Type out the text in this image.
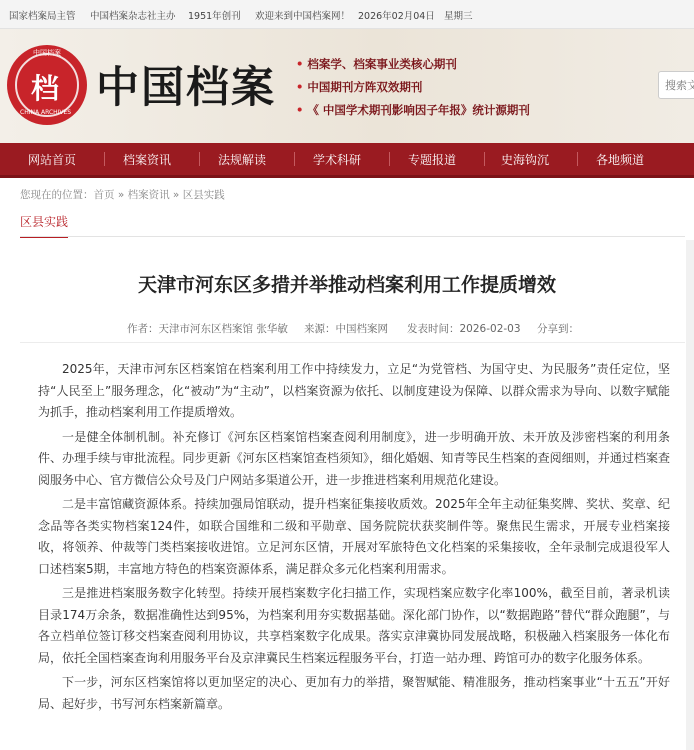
国家档案局主管 中国档案杂志社主办 1951年创刊 欢迎来到中国档案网！ 2026年02月04日 星期三
中国档案
档
CHINA ARCHIVES 中国档案 • 档案学、档案事业类核心期刊
• 中国期刊方阵双效期刊
• 《 中国学术期刊影响因子年报》统计源期刊
搜索文
网站首页	档案资讯	法规解读	学术科研	专题报道	史海钩沉	各地频道
您现在的位置：首页 » 档案资讯 » 区县实践
区县实践
天津市河东区多措并举推动档案利用工作提质增效
作者：天津市河东区档案馆 张华敏 来源：中国档案网 发表时间：2026-02-03 分享到：

2025年，天津市河东区档案馆在档案利用工作中持续发力，立足“为党管档、为国守史、为民服务”责任定位，坚持“人民至上”服务理念，化“被动”为“主动”，以档案资源为依托、以制度建设为保障、以群众需求为导向、以数字赋能为抓手，推动档案利用工作提质增效。

一是健全体制机制。补充修订《河东区档案馆档案查阅利用制度》，进一步明确开放、未开放及涉密档案的利用条件、办理手续与审批流程。同步更新《河东区档案馆查档须知》，细化婚姻、知青等民生档案的查阅细则，并通过档案查阅服务中心、官方微信公众号及门户网站多渠道公开，进一步推进档案利用规范化建设。

二是丰富馆藏资源体系。持续加强局馆联动，提升档案征集接收质效。2025年全年主动征集奖牌、奖状、奖章、纪念品等各类实物档案124件，如联合国维和二级和平勋章、国务院院状获奖制件等。聚焦民生需求，开展专业档案接收，将领养、仲裁等门类档案接收进馆。立足河东区情，开展对军旅特色文化档案的采集接收，全年录制完成退役军人口述档案5期，丰富地方特色的档案资源体系，满足群众多元化档案利用需求。

三是推进档案服务数字化转型。持续开展档案数字化扫描工作，实现档案应数字化率100%，截至目前，著录机读目录174万余条，数据准确性达到95%，为档案利用夯实数据基础。深化部门协作，以“数据跑路”替代“群众跑腿”，与各立档单位签订移交档案查阅利用协议，共享档案数字化成果。落实京津冀协同发展战略，积极融入档案服务一体化布局，依托全国档案查询利用服务平台及京津冀民生档案远程服务平台，打造一站办理、跨馆可办的数字化服务体系。

下一步，河东区档案馆将以更加坚定的决心、更加有力的举措，聚智赋能、精准服务，推动档案事业“十五五”开好局、起好步，书写河东档案新篇章。
